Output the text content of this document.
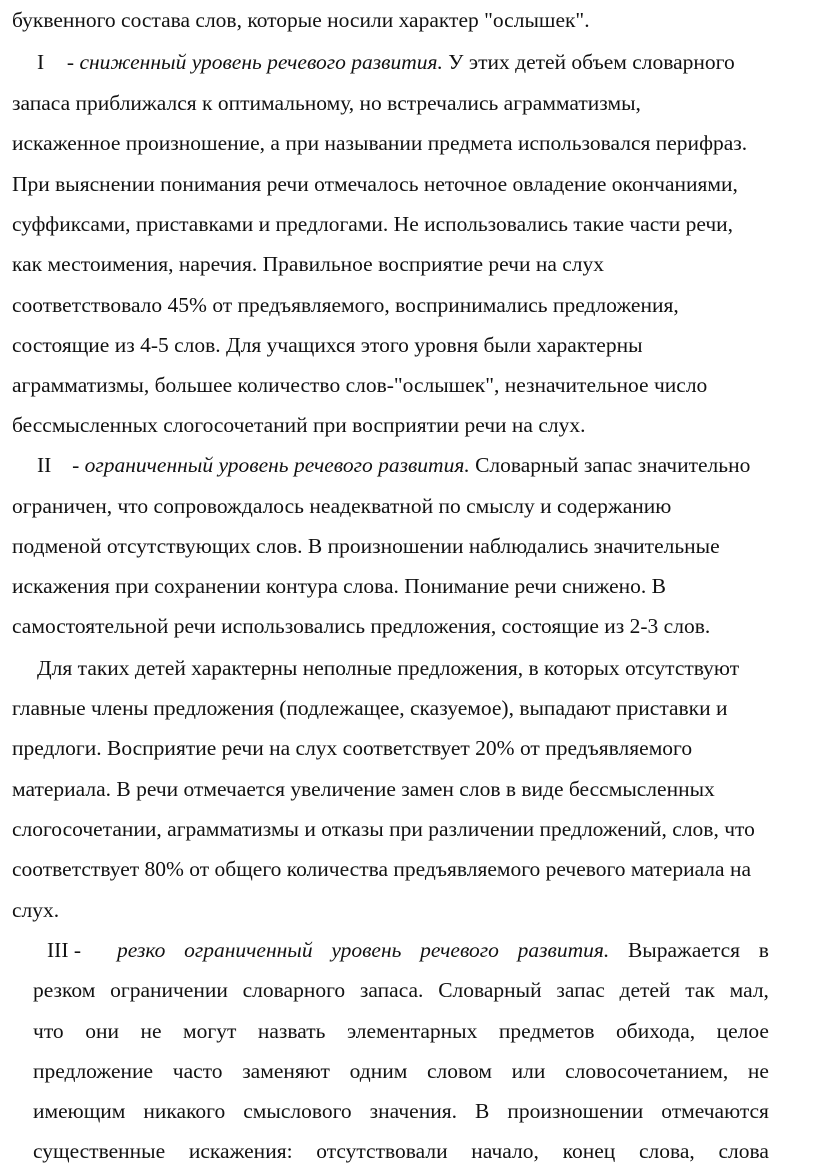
буквенного состава слов, которые носили характер "ослышек".
I - сниженный уровень речевого развития. У этих детей объем словарного
запаса приближался к оптимальному, но встречались аграмматизмы,
искаженное произношение, а при назывании предмета использовался перифраз.
При выяснении понимания речи отмечалось неточное овладение окончаниями,
суффиксами, приставками и предлогами. Не использовались такие части речи,
как местоимения, наречия. Правильное восприятие речи на слух
соответствовало 45% от предъявляемого, воспринимались предложения,
состоящие из 4-5 слов. Для учащихся этого уровня были характерны
аграмматизмы, большее количество слов-"ослышек", незначительное число
бессмысленных слогосочетаний при восприятии речи на слух.
II - ограниченный уровень речевого развития. Словарный запас значительно
ограничен, что сопровождалось неадекватной по смыслу и содержанию
подменой отсутствующих слов. В произношении наблюдались значительные
искажения при сохранении контура слова. Понимание речи снижено. В
самостоятельной речи использовались предложения, состоящие из 2-3 слов.
Для таких детей характерны неполные предложения, в которых отсутствуют
главные члены предложения (подлежащее, сказуемое), выпадают приставки и
предлоги. Восприятие речи на слух соответствует 20% от предъявляемого
материала. В речи отмечается увеличение замен слов в виде бессмысленных
слогосочетании, аграмматизмы и отказы при различении предложений, слов, что
соответствует 80% от общего количества предъявляемого речевого материала на
слух.
III - резко ограниченный уровень речевого развития. Выражается в
резком ограничении словарного запаса. Словарный запас детей так мал,
что они не могут назвать элементарных предметов обихода, целое
предложение часто заменяют одним словом или словосочетанием, не
имеющим никакого смыслового значения. В произношении отмечаются
существенные искажения: отсутствовали начало, конец слова, слова
